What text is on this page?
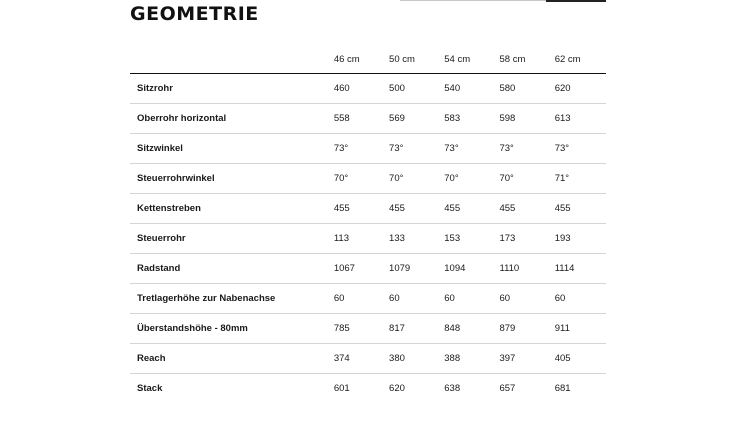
GEOMETRIE
	46 cm	50 cm	54 cm	58 cm	62 cm
Sitzrohr	460	500	540	580	620
Oberrohr horizontal	558	569	583	598	613
Sitzwinkel	73°	73°	73°	73°	73°
Steuerrohrwinkel	70°	70°	70°	70°	71°
Kettenstreben	455	455	455	455	455
Steuerrohr	113	133	153	173	193
Radstand	1067	1079	1094	1110	1114
Tretlagerhöhe zur Nabenachse	60	60	60	60	60
Überstandshöhe - 80mm	785	817	848	879	911
Reach	374	380	388	397	405
Stack	601	620	638	657	681
